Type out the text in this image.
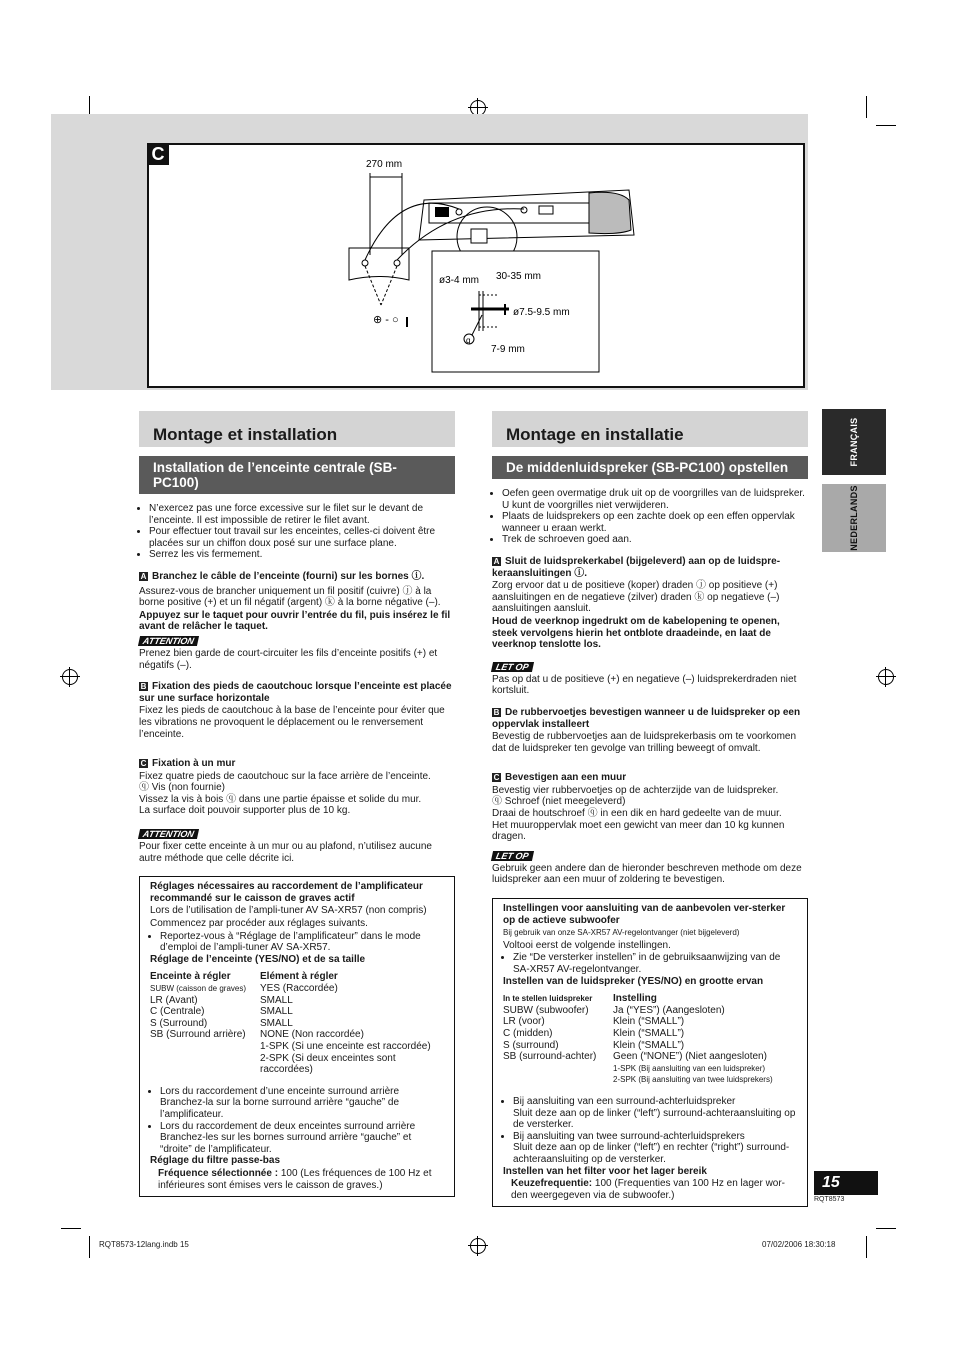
270 mm
⊕ - ○
ø3-4 mm 30-35 mm
ø7.5-9.5 mm
7-9 mm
q
C
FRANÇAIS
NEDERLANDS
Montage et installation
Installation de l’enceinte centrale (SB-PC100)
• N’exercez pas une force excessive sur le filet sur le devant de l’enceinte. Il est impossible de retirer le filet avant.
• Pour effectuer tout travail sur les enceintes, celles-ci doivent être placées sur un chiffon doux posé sur une surface plane.
• Serrez les vis fermement.

A Branchez le câble de l’enceinte (fourni) sur les bornes ⓘ.

Assurez-vous de brancher uniquement un fil positif (cuivre) ⓙ à la borne positive (+) et un fil négatif (argent) ⓚ à la borne négative (–).

Appuyez sur le taquet pour ouvrir l’entrée du fil, puis insérez le fil avant de relâcher le taquet.

ATTENTION

Prenez bien garde de court-circuiter les fils d’enceinte positifs (+) et négatifs (–).

B Fixation des pieds de caoutchouc lorsque l’enceinte est placée sur une surface horizontale

Fixez les pieds de caoutchouc à la base de l’enceinte pour éviter que les vibrations ne provoquent le déplacement ou le renversement l’enceinte.

C Fixation à un mur

Fixez quatre pieds de caoutchouc sur la face arrière de l’enceinte.

ⓠ Vis (non fournie)

Vissez la vis à bois ⓠ dans une partie épaisse et solide du mur.

La surface doit pouvoir supporter plus de 10 kg.

ATTENTION

Pour fixer cette enceinte à un mur ou au plafond, n’utilisez aucune autre méthode que celle décrite ici.

Réglages nécessaires au raccordement de l’amplificateur recommandé sur le caisson de graves actif

Lors de l’utilisation de l’ampli-tuner AV SA-XR57 (non compris)

Commencez par procéder aux réglages suivants.

• Reportez-vous à “Réglage de l’amplificateur” dans le mode d’emploi de l’ampli-tuner AV SA-XR57.

Réglage de l’enceinte (YES/NO) et de sa taille

Enceinte à régler	Elément à régler
SUBW (caisson de graves)	YES (Raccordée)
LR (Avant)	SMALL
C (Centrale)	SMALL
S (Surround)	SMALL
SB (Surround arrière)	NONE (Non raccordée)
1-SPK (Si une enceinte est raccordée)
2-SPK (Si deux enceintes sont raccordées)
• Lors du raccordement d’une enceinte surround arrière
Branchez-la sur la borne surround arrière “gauche” de l’amplificateur.
• Lors du raccordement de deux enceintes surround arrière
Branchez-les sur les bornes surround arrière “gauche” et “droite” de l’amplificateur.

Réglage du filtre passe-bas

Fréquence sélectionnée : 100 (Les fréquences de 100 Hz et inférieures sont émises vers le caisson de graves.)

Montage en installatie
De middenluidspreker (SB-PC100) opstellen
• Oefen geen overmatige druk uit op de voorgrilles van de luidspreker. U kunt de voorgrilles niet verwijderen.
• Plaats de luidsprekers op een zachte doek op een effen oppervlak wanneer u eraan werkt.
• Trek de schroeven goed aan.

A Sluit de luidsprekerkabel (bijgeleverd) aan op de luidspre-keraansluitingen ⓘ.

Zorg ervoor dat u de positieve (koper) draden ⓙ op positieve (+) aansluitingen en de negatieve (zilver) draden ⓚ op negatieve (–) aansluitingen aansluit.

Houd de veerknop ingedrukt om de kabelopening te openen, steek vervolgens hierin het ontblote draadeinde, en laat de veerknop tenslotte los.

LET OP

Pas op dat u de positieve (+) en negatieve (–) luidsprekerdraden niet kortsluit.

B De rubbervoetjes bevestigen wanneer u de luidspreker op een oppervlak installeert

Bevestig de rubbervoetjes aan de luidsprekerbasis om te voorkomen dat de luidspreker ten gevolge van trilling beweegt of omvalt.

C Bevestigen aan een muur

Bevestig vier rubbervoetjes op de achterzijde van de luidspreker.

ⓠ Schroef (niet meegeleverd)

Draai de houtschroef ⓠ in een dik en hard gedeelte van de muur.

Het muuroppervlak moet een gewicht van meer dan 10 kg kunnen dragen.

LET OP

Gebruik geen andere dan de hieronder beschreven methode om deze luidspreker aan een muur of zoldering te bevestigen.

Instellingen voor aansluiting van de aanbevolen ver-sterker op de actieve subwoofer

Bij gebruik van onze SA-XR57 AV-regelontvanger (niet bijgeleverd)

Voltooi eerst de volgende instellingen.

• Zie “De versterker instellen” in de gebruiksaanwijzing van de SA-XR57 AV-regelontvanger.

Instellen van de luidspreker (YES/NO) en grootte ervan

In te stellen luidspreker	Instelling
SUBW (subwoofer)	Ja (“YES”) (Aangesloten)
LR (voor)	Klein (“SMALL”)
C (midden)	Klein (“SMALL”)
S (surround)	Klein (“SMALL”)
SB (surround-achter)	Geen (“NONE”) (Niet aangesloten)
1-SPK (Bij aansluiting van een luidspreker)
2-SPK (Bij aansluiting van twee luidsprekers)
• Bij aansluiting van een surround-achterluidspreker
Sluit deze aan op de linker (“left”) surround-achteraansluiting op de versterker.
• Bij aansluiting van twee surround-achterluidsprekers
Sluit deze aan op de linker (“left”) en rechter (“right”) surround-achteraansluiting op de versterker.

Instellen van het filter voor het lager bereik

Keuzefrequentie: 100 (Frequenties van 100 Hz en lager wor-den weergegeven via de subwoofer.)

15
RQT8573
RQT8573-12lang.indb 15	07/02/2006 18:30:18
